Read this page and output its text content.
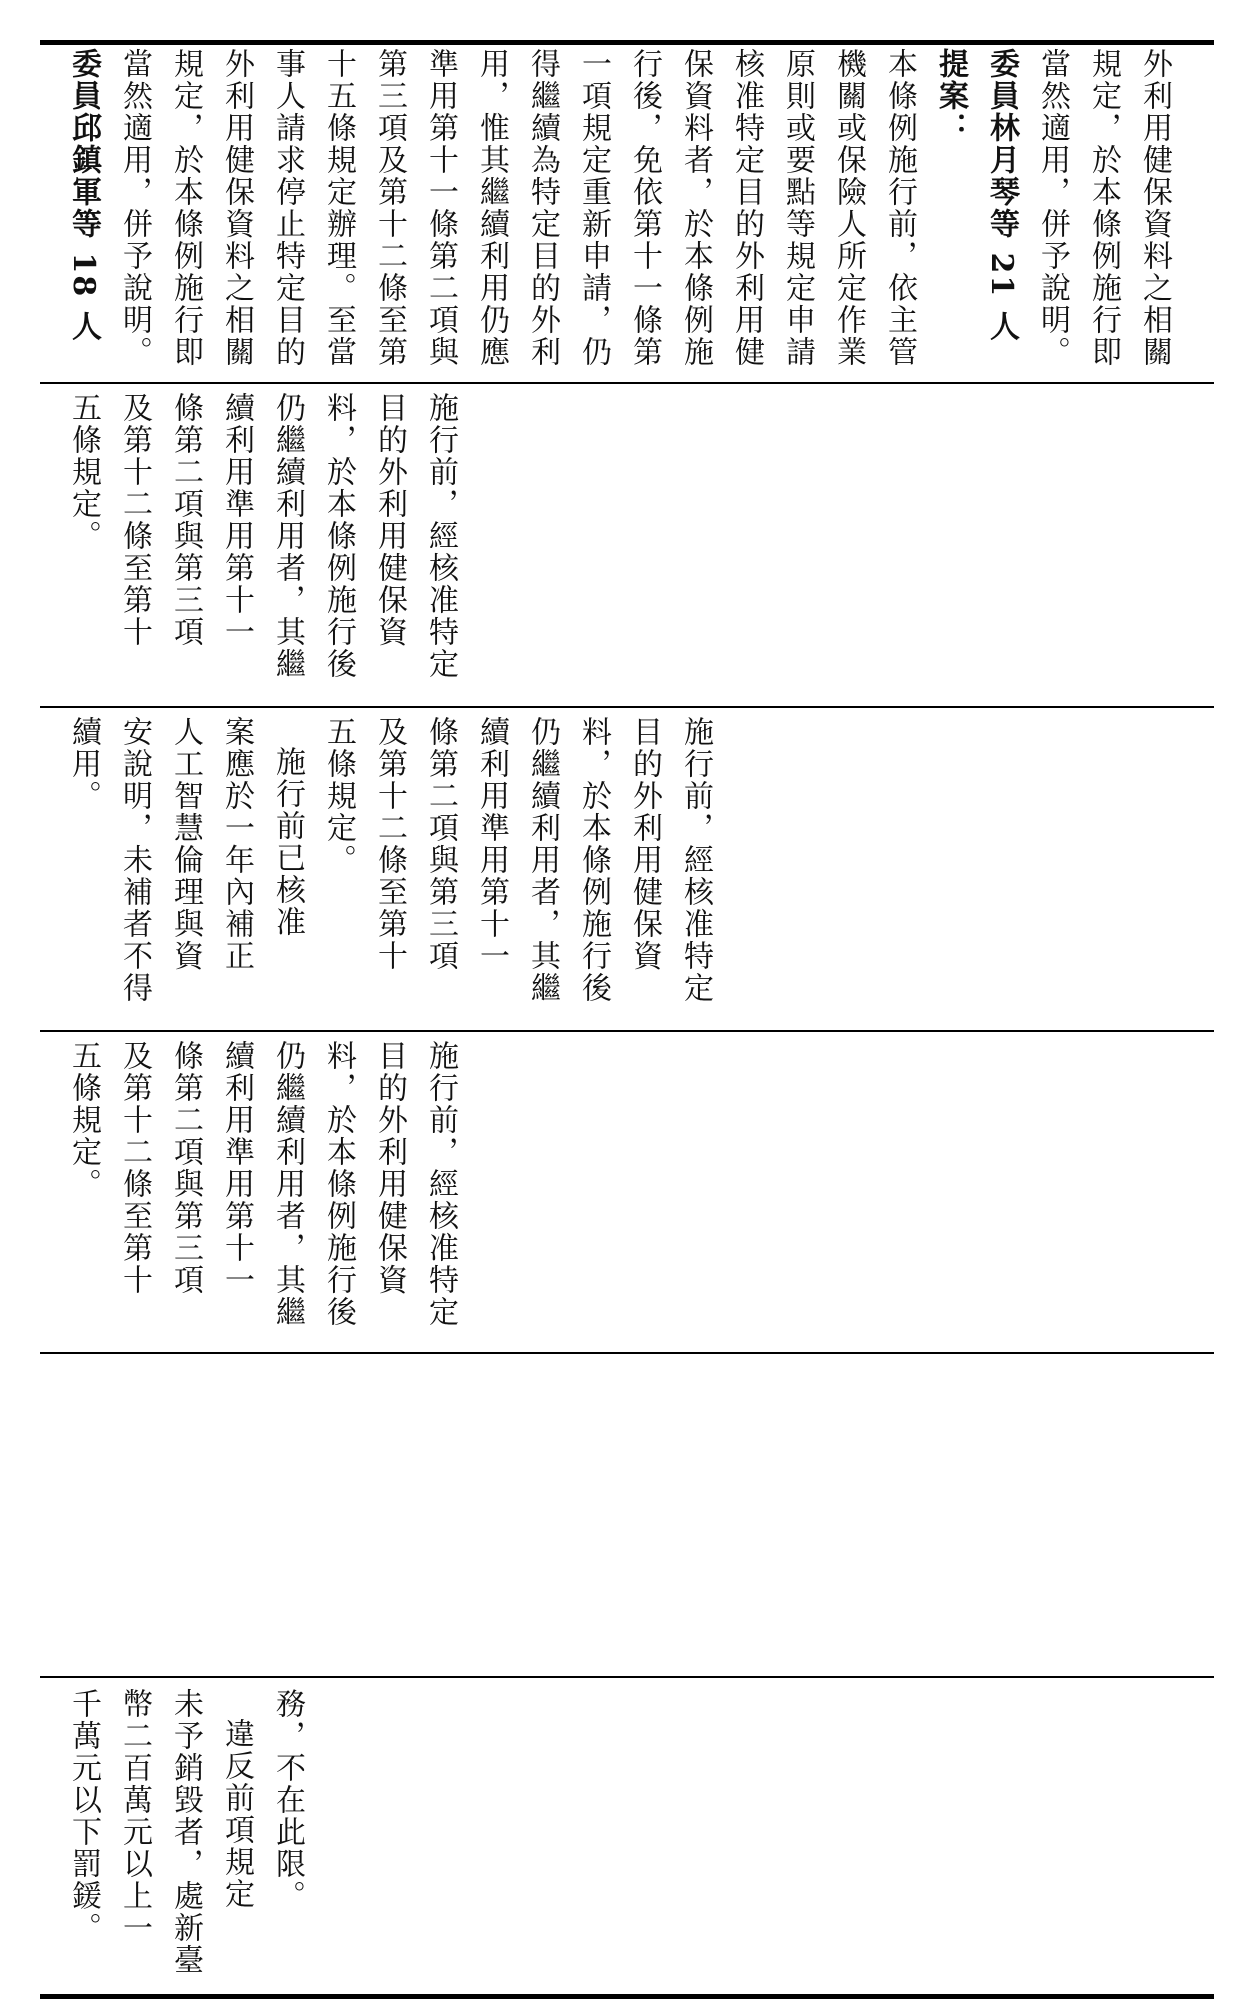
外利用健保資料之相關
規定，於本條例施行即
當然適用，併予說明。
委員林月琴等 21 人
提案：
本條例施行前，依主管
機關或保險人所定作業
原則或要點等規定申請
核准特定目的外利用健
保資料者，於本條例施
行後，免依第十一條第
一項規定重新申請，仍
得繼續為特定目的外利
用，惟其繼續利用仍應
準用第十一條第二項與
第三項及第十二條至第
十五條規定辦理。至當
事人請求停止特定目的
外利用健保資料之相關
規定，於本條例施行即
當然適用，併予說明。
委員邱鎮軍等 18 人
施行前，經核准特定
目的外利用健保資
料，於本條例施行後
仍繼續利用者，其繼
續利用準用第十一
條第二項與第三項
及第十二條至第十
五條規定。
施行前，經核准特定
目的外利用健保資
料，於本條例施行後
仍繼續利用者，其繼
續利用準用第十一
條第二項與第三項
及第十二條至第十
五條規定。
施行前已核准
案應於一年內補正
人工智慧倫理與資
安說明，未補者不得
續用。
施行前，經核准特定
目的外利用健保資
料，於本條例施行後
仍繼續利用者，其繼
續利用準用第十一
條第二項與第三項
及第十二條至第十
五條規定。
務，不在此限。
違反前項規定
未予銷毀者，處新臺
幣二百萬元以上一
千萬元以下罰鍰。
